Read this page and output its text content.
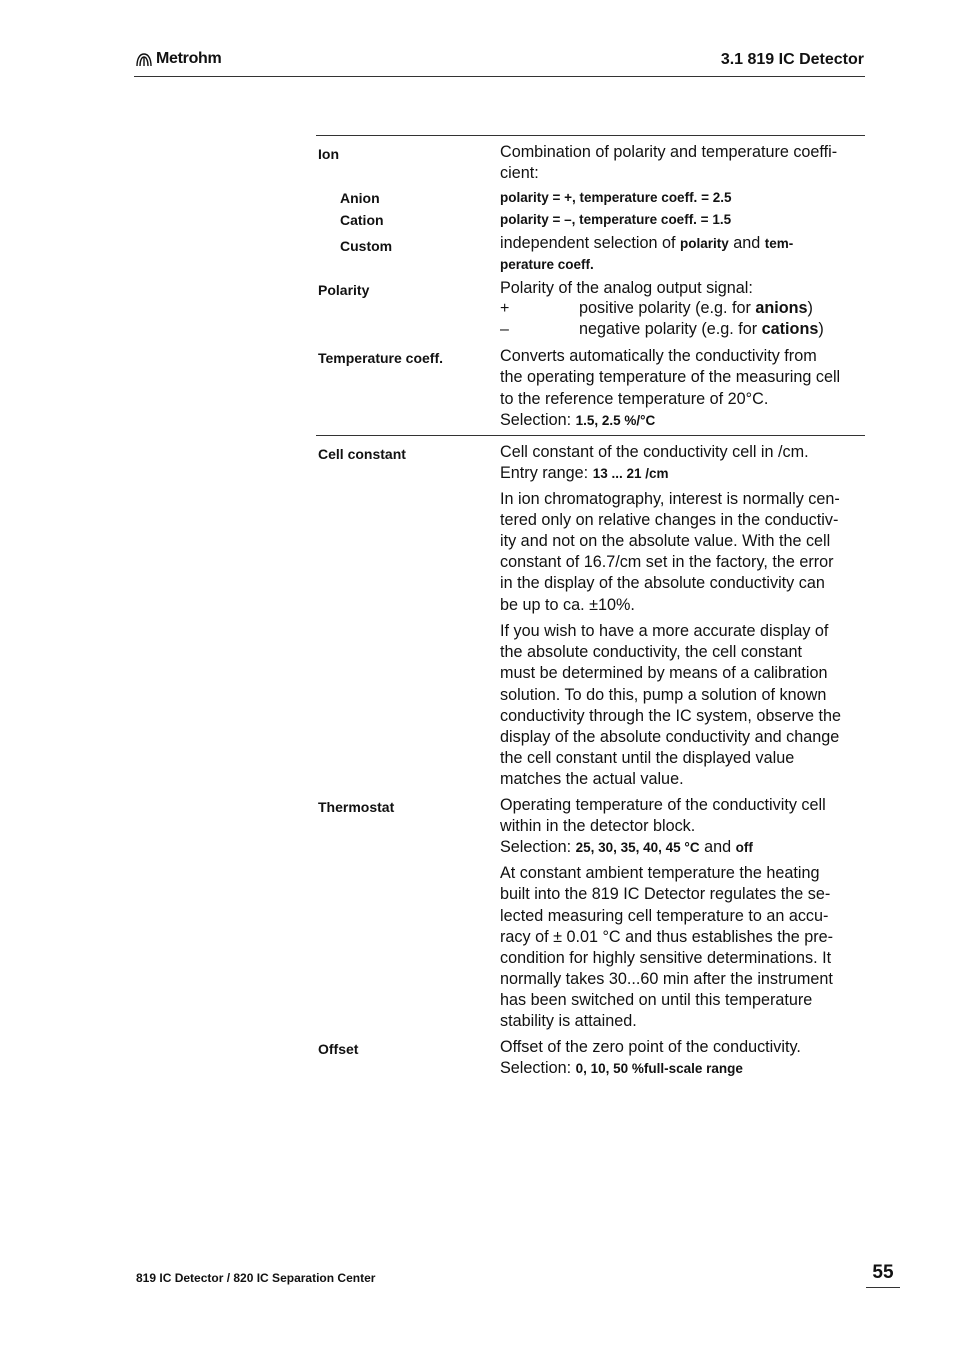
Metrohm	3.1 819 IC Detector
Ion	Combination of polarity and temperature coeffi-
cient:
Anion	polarity = +, temperature coeff. = 2.5
Cation	polarity = –, temperature coeff. = 1.5
Custom	independent selection of polarity and tem-
perature coeff.
Polarity	Polarity of the analog output signal:
+	positive polarity (e.g. for anions)
–	negative polarity (e.g. for cations)
Temperature coeff.	Converts automatically the conductivity from
the operating temperature of the measuring cell
to the reference temperature of 20°C.
Selection: 1.5, 2.5 %/°C
Cell constant	Cell constant of the conductivity cell in /cm.
Entry range: 13 ... 21 /cm
In ion chromatography, interest is normally cen-
tered only on relative changes in the conductiv-
ity and not on the absolute value. With the cell
constant of 16.7/cm set in the factory, the error
in the display of the absolute conductivity can
be up to ca. ±10%.
If you wish to have a more accurate display of
the absolute conductivity, the cell constant
must be determined by means of a calibration
solution. To do this, pump a solution of known
conductivity through the IC system, observe the
display of the absolute conductivity and change
the cell constant until the displayed value
matches the actual value.
Thermostat	Operating temperature of the conductivity cell
within in the detector block.
Selection: 25, 30, 35, 40, 45 °C and off
At constant ambient temperature the heating
built into the 819 IC Detector regulates the se-
lected measuring cell temperature to an accu-
racy of ± 0.01 °C and thus establishes the pre-
condition for highly sensitive determinations. It
normally takes 30...60 min after the instrument
has been switched on until this temperature
stability is attained.
Offset	Offset of the zero point of the conductivity.
Selection: 0, 10, 50 %full-scale range
819 IC Detector / 820 IC Separation Center	55
